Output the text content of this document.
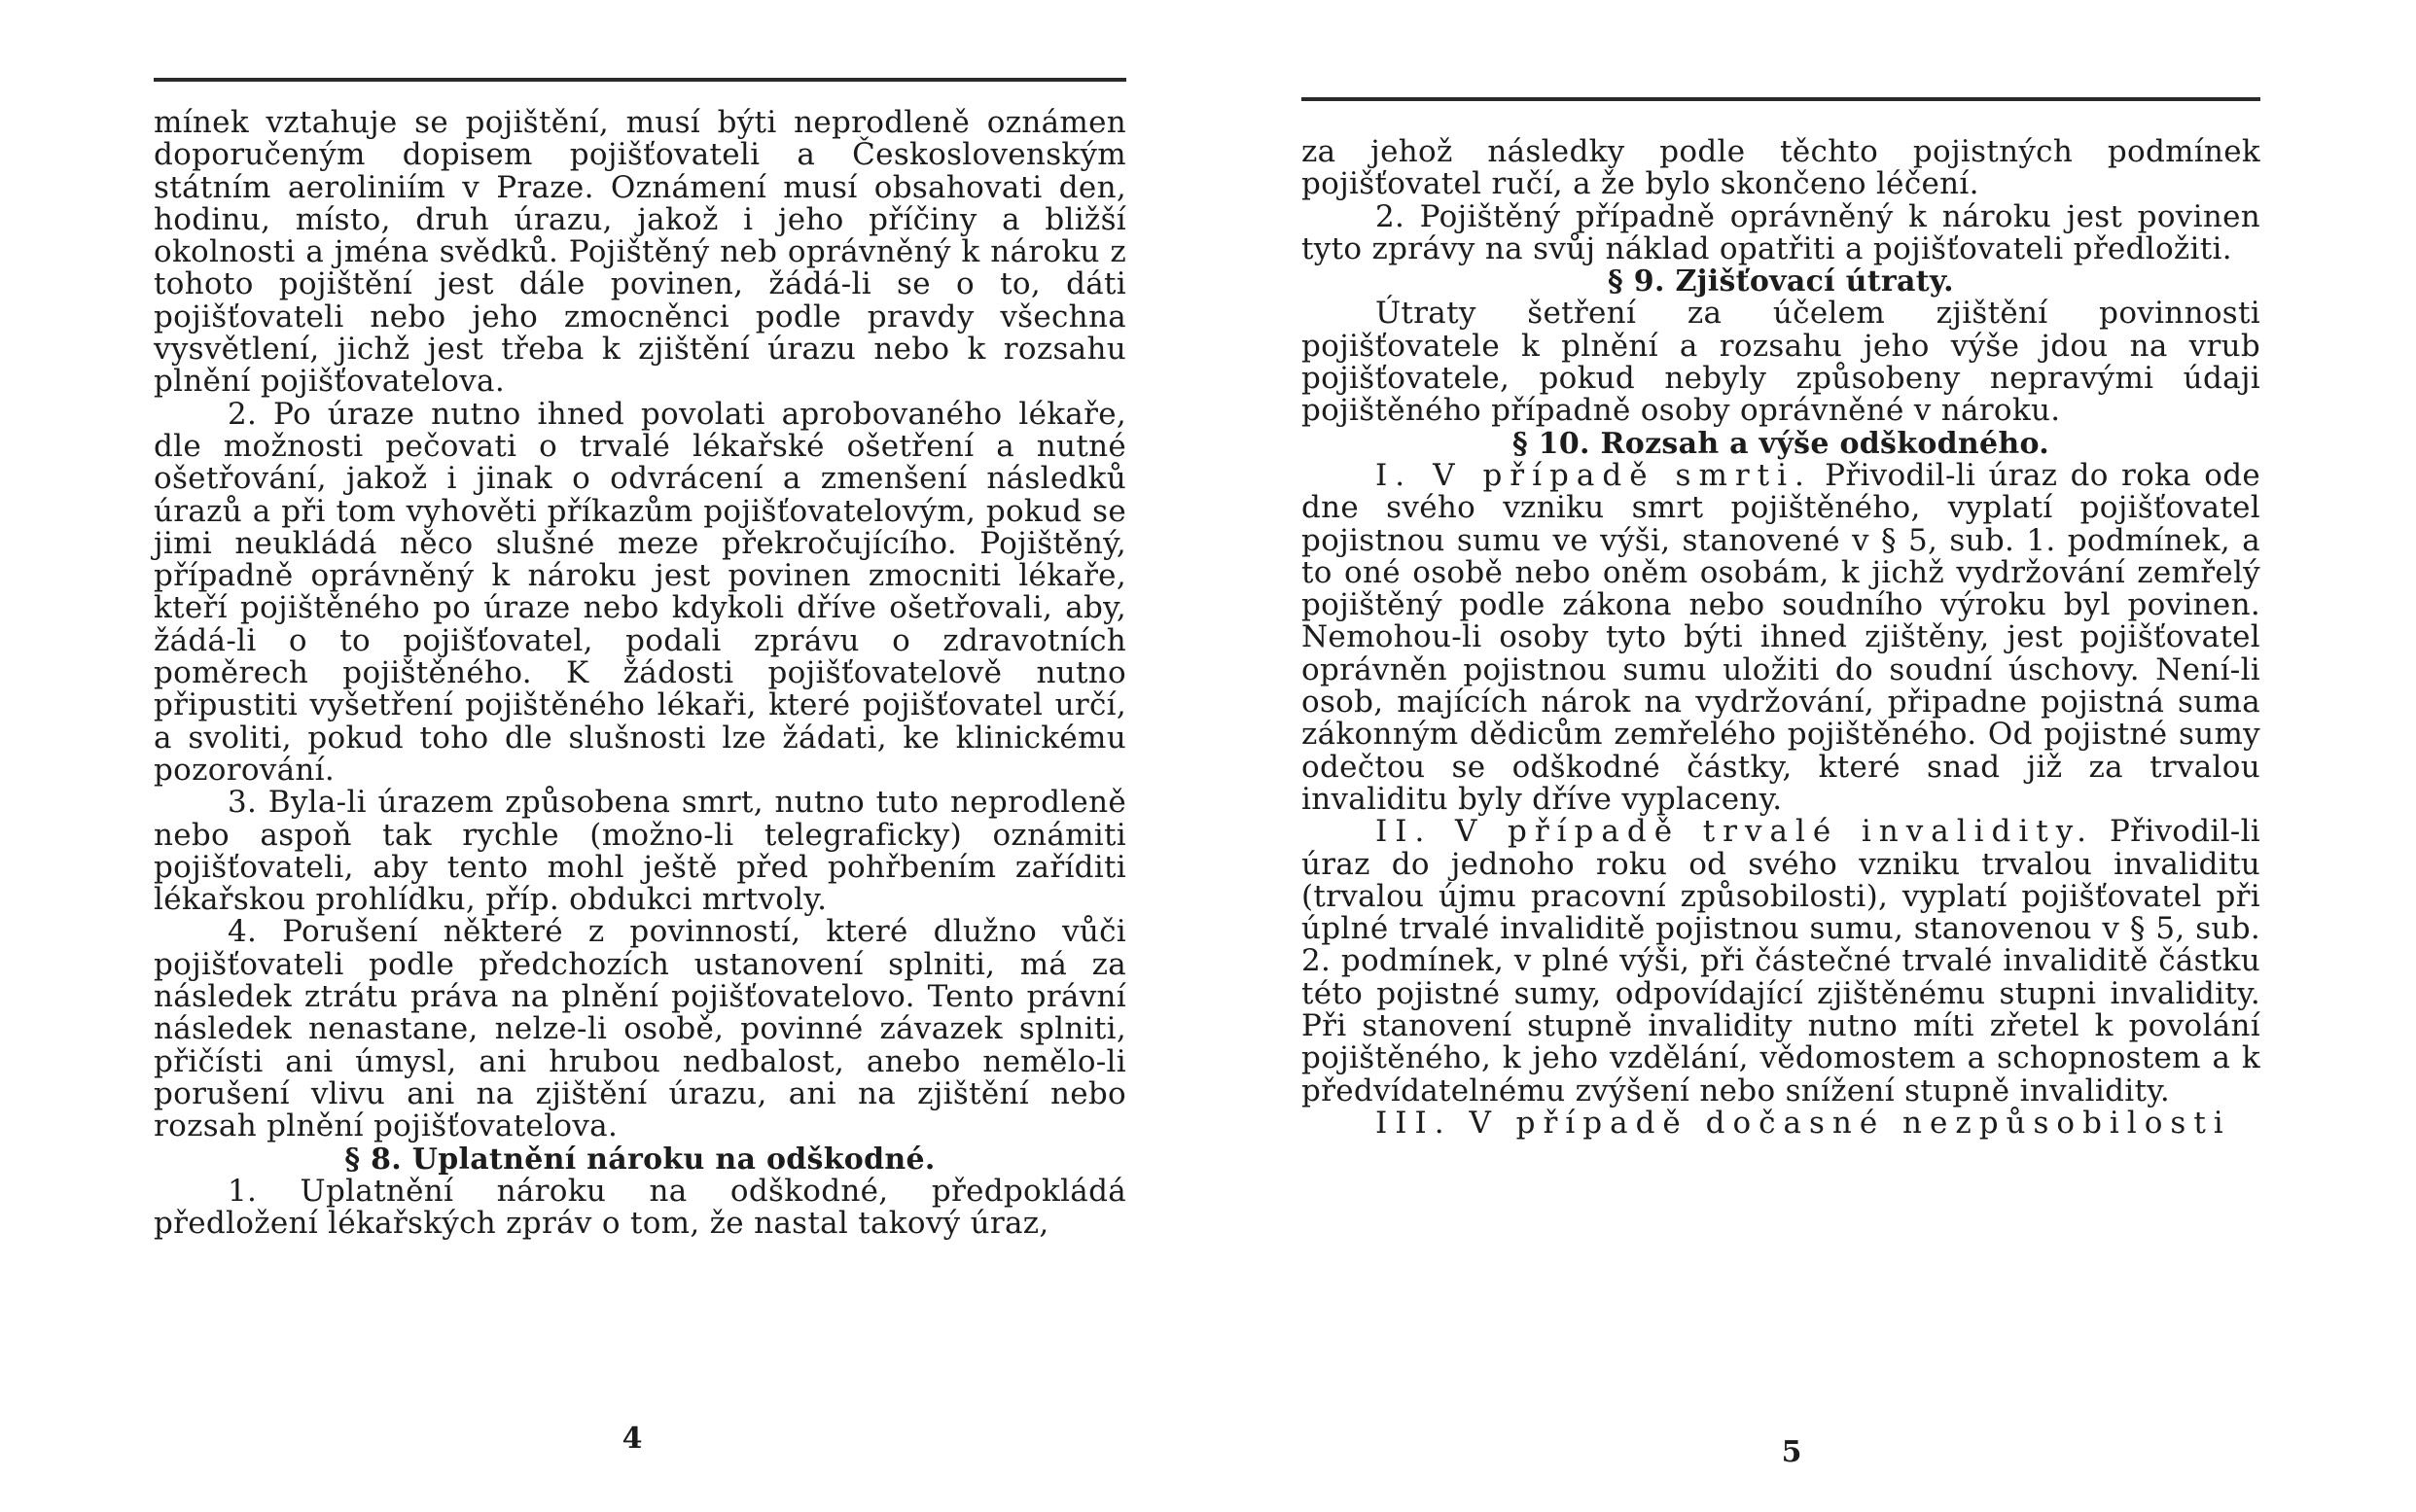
mínek vztahuje se pojištění, musí býti neprodleně oznámen doporučeným dopisem pojišťovateli a Československým státním aeroliniím v Praze. Oznámení musí obsahovati den, hodinu, místo, druh úrazu, jakož i jeho příčiny a bližší okolnosti a jména svědků. Pojištěný neb oprávněný k nároku z tohoto pojištění jest dále povinen, žádá-li se o to, dáti pojišťovateli nebo jeho zmocněnci podle pravdy všechna vysvětlení, jichž jest třeba k zjištění úrazu nebo k rozsahu plnění pojišťovatelova.

2. Po úraze nutno ihned povolati aprobovaného lékaře, dle možnosti pečovati o trvalé lékařské ošetření a nutné ošetřování, jakož i jinak o odvrácení a zmenšení následků úrazů a při tom vyhověti příkazům pojišťovatelovým, pokud se jimi neukládá něco slušné meze překročujícího. Pojištěný, případně oprávněný k nároku jest povinen zmocniti lékaře, kteří pojištěného po úraze nebo kdykoli dříve ošetřovali, aby, žádá-li o to pojišťovatel, podali zprávu o zdravotních poměrech pojištěného. K žádosti pojišťovatelově nutno připustiti vyšetření pojištěného lékaři, které pojišťovatel určí, a svoliti, pokud toho dle slušnosti lze žádati, ke klinickému pozorování.

3. Byla-li úrazem způsobena smrt, nutno tuto neprodleně nebo aspoň tak rychle (možno-li telegraficky) oznámiti pojišťovateli, aby tento mohl ještě před pohřbením zaříditi lékařskou prohlídku, příp. obdukci mrtvoly.

4. Porušení některé z povinností, které dlužno vůči pojišťovateli podle předchozích ustanovení splniti, má za následek ztrátu práva na plnění pojišťovatelovo. Tento právní následek nenastane, nelze-li osobě, povinné závazek splniti, přičísti ani úmysl, ani hrubou nedbalost, anebo nemělo-li porušení vlivu ani na zjištění úrazu, ani na zjištění nebo rozsah plnění pojišťovatelova.

§ 8. Uplatnění nároku na odškodné.

1. Uplatnění nároku na odškodné, předpokládá předložení lékařských zpráv o tom, že nastal takový úraz,

4

za jehož následky podle těchto pojistných podmínek pojišťovatel ručí, a že bylo skončeno léčení.

2. Pojištěný případně oprávněný k nároku jest povinen tyto zprávy na svůj náklad opatřiti a pojišťovateli předložiti.

§ 9. Zjišťovací útraty.

Útraty šetření za účelem zjištění povinnosti pojišťovatele k plnění a rozsahu jeho výše jdou na vrub pojišťovatele, pokud nebyly způsobeny nepravými údaji pojištěného případně osoby oprávněné v nároku.

§ 10. Rozsah a výše odškodného.

I. V případě smrti. Přivodil-li úraz do roka ode dne svého vzniku smrt pojištěného, vyplatí pojišťovatel pojistnou sumu ve výši, stanovené v § 5, sub. 1. podmínek, a to oné osobě nebo oněm osobám, k jichž vydržování zemřelý pojištěný podle zákona nebo soudního výroku byl povinen. Nemohou-li osoby tyto býti ihned zjištěny, jest pojišťovatel oprávněn pojistnou sumu uložiti do soudní úschovy. Není-li osob, majících nárok na vydržování, připadne pojistná suma zákonným dědicům zemřelého pojištěného. Od pojistné sumy odečtou se odškodné částky, které snad již za trvalou invaliditu byly dříve vyplaceny.

II. V případě trvalé invalidity. Přivodil-li úraz do jednoho roku od svého vzniku trvalou invaliditu (trvalou újmu pracovní způsobilosti), vyplatí pojišťovatel při úplné trvalé invaliditě pojistnou sumu, stanovenou v § 5, sub. 2. podmínek, v plné výši, při částečné trvalé invaliditě částku této pojistné sumy, odpovídající zjištěnému stupni invalidity. Při stanovení stupně invalidity nutno míti zřetel k povolání pojištěného, k jeho vzdělání, vědomostem a schopnostem a k předvídatelnému zvýšení nebo snížení stupně invalidity.

III. V případě dočasné nezpůsobilosti

5
